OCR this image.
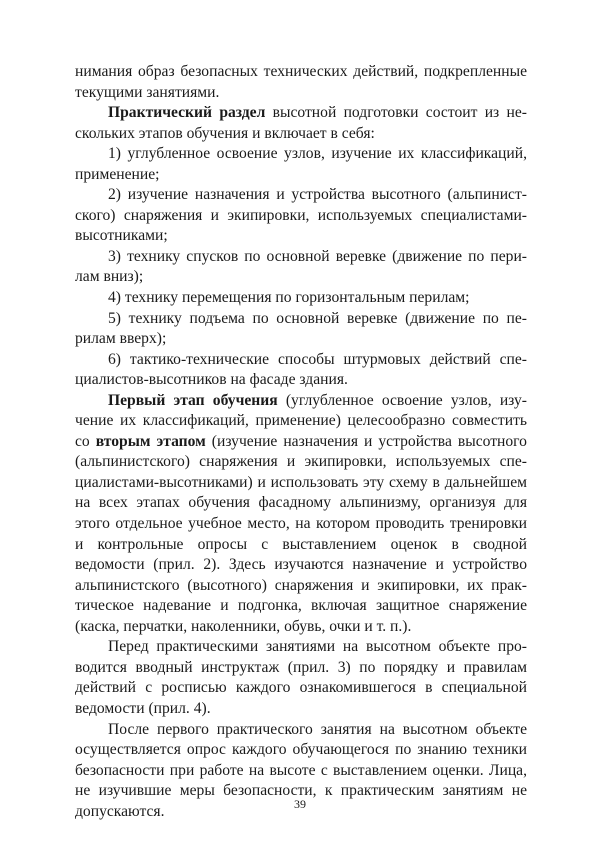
нимания образ безопасных технических действий, подкрепленные текущими занятиями.

Практический раздел высотной подготовки состоит из нескольких этапов обучения и включает в себя:

1) углубленное освоение узлов, изучение их классификаций, применение;

2) изучение назначения и устройства высотного (альпинистского) снаряжения и экипировки, используемых специалистами-высотниками;

3) технику спусков по основной веревке (движение по перилам вниз);

4) технику перемещения по горизонтальным перилам;

5) технику подъема по основной веревке (движение по перилам вверх);

6) тактико-технические способы штурмовых действий специалистов-высотников на фасаде здания.

Первый этап обучения (углубленное освоение узлов, изучение их классификаций, применение) целесообразно совместить со вторым этапом (изучение назначения и устройства высотного (альпинистского) снаряжения и экипировки, используемых специалистами-высотниками) и использовать эту схему в дальнейшем на всех этапах обучения фасадному альпинизму, организуя для этого отдельное учебное место, на котором проводить тренировки и контрольные опросы с выставлением оценок в сводной ведомости (прил. 2). Здесь изучаются назначение и устройство альпинистского (высотного) снаряжения и экипировки, их практическое надевание и подгонка, включая защитное снаряжение (каска, перчатки, наколенники, обувь, очки и т. п.).

Перед практическими занятиями на высотном объекте проводится вводный инструктаж (прил. 3) по порядку и правилам действий с росписью каждого ознакомившегося в специальной ведомости (прил. 4).

После первого практического занятия на высотном объекте осуществляется опрос каждого обучающегося по знанию техники безопасности при работе на высоте с выставлением оценки. Лица, не изучившие меры безопасности, к практическим занятиям не допускаются.	39
